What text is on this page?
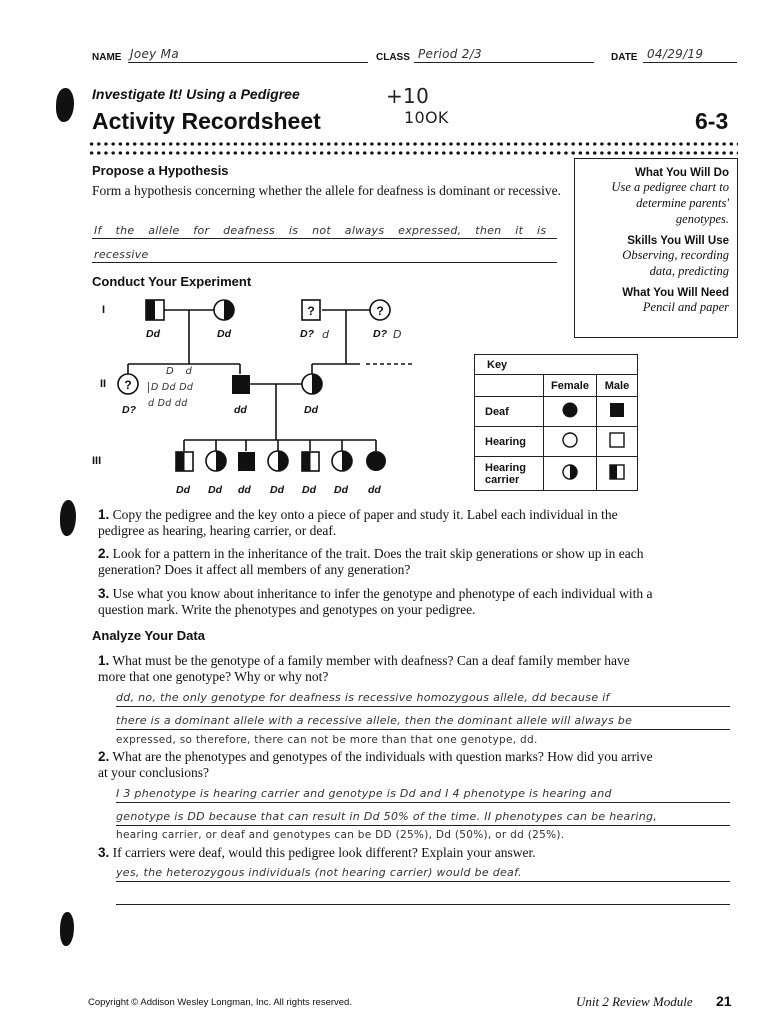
NAME Joey Ma	CLASS Period 2/3	DATE 04/29/19
Investigate It! Using a Pedigree
Activity Recordsheet	6-3
+10
10OK
What You Will Do
Use a pedigree chart to determine parents' genotypes.
Skills You Will Use
Observing, recording data, predicting
What You Will Need
Pencil and paper
Propose a Hypothesis
Form a hypothesis concerning whether the allele for deafness is dominant or recessive.
If the allele for deafness is not always expressed, then it is
recessive
Conduct Your Experiment
?	?
?
I
II
III
Dd	Dd	D? d	D? D
D d
D Dd Dd
d Dd dd
D?	dd	Dd
Dd Dd dd Dd Dd Dd dd
Key		
	Female	Male
Deaf		
Hearing		
Hearing carrier		
1. Copy the pedigree and the key onto a piece of paper and study it. Label each individual in the pedigree as hearing, hearing carrier, or deaf.
2. Look for a pattern in the inheritance of the trait. Does the trait skip generations or show up in each generation? Does it affect all members of any generation?
3. Use what you know about inheritance to infer the genotype and phenotype of each individual with a question mark. Write the phenotypes and genotypes on your pedigree.
Analyze Your Data
1. What must be the genotype of a family member with deafness? Can a deaf family member have more that one genotype? Why or why not?
dd, no, the only genotype for deafness is recessive homozygous allele, dd because if
there is a dominant allele with a recessive allele, then the dominant allele will always be
expressed, so therefore, there can not be more than that one genotype, dd.
2. What are the phenotypes and genotypes of the individuals with question marks? How did you arrive at your conclusions?
I 3 phenotype is hearing carrier and genotype is Dd and I 4 phenotype is hearing and
genotype is DD because that can result in Dd 50% of the time. II phenotypes can be hearing,
hearing carrier, or deaf and genotypes can be DD (25%), Dd (50%), or dd (25%).
3. If carriers were deaf, would this pedigree look different? Explain your answer.
yes, the heterozygous individuals (not hearing carrier) would be deaf.
Copyright © Addison Wesley Longman, Inc. All rights reserved.	Unit 2 Review Module 21
